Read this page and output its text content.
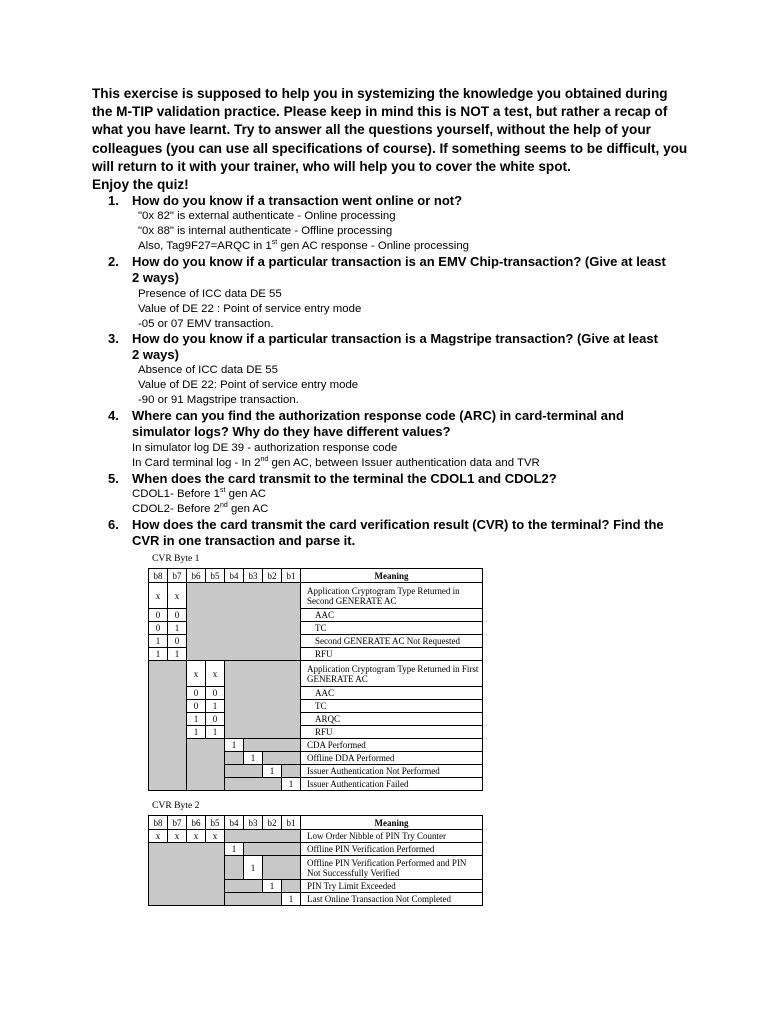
This exercise is supposed to help you in systemizing the knowledge you obtained during
the M-TIP validation practice. Please keep in mind this is NOT a test, but rather a recap of
what you have learnt. Try to answer all the questions yourself, without the help of your
colleagues (you can use all specifications of course). If something seems to be difficult, you
will return to it with your trainer, who will help you to cover the white spot.
Enjoy the quiz!
1. How do you know if a transaction went online or not?
"0x 82" is external authenticate - Online processing
"0x 88" is internal authenticate - Offline processing
Also, Tag9F27=ARQC in 1st gen AC response - Online processing
2. How do you know if a particular transaction is an EMV Chip-transaction? (Give at least 2 ways)
Presence of ICC data DE 55
Value of DE 22 : Point of service entry mode
-05 or 07 EMV transaction.
3. How do you know if a particular transaction is a Magstripe transaction? (Give at least 2 ways)
Absence of ICC data DE 55
Value of DE 22: Point of service entry mode
-90 or 91 Magstripe transaction.
4. Where can you find the authorization response code (ARC) in card-terminal and simulator logs? Why do they have different values?
In simulator log DE 39 - authorization response code
In Card terminal log - In 2nd gen AC, between Issuer authentication data and TVR
5. When does the card transmit to the terminal the CDOL1 and CDOL2?
CDOL1- Before 1st gen AC
CDOL2- Before 2nd gen AC
6. How does the card transmit the card verification result (CVR) to the terminal? Find the CVR in one transaction and parse it.
CVR Byte 1
b8	b7	b6	b5	b4	b3	b2	b1	Meaning
x	x							Application Cryptogram Type Returned in Second GENERATE AC
0	0							AAC
0	1							TC
1	0							Second GENERATE AC Not Requested
1	1							RFU
		x	x					Application Cryptogram Type Returned in First GENERATE AC
		0	0					AAC
		0	1					TC
		1	0					ARQC
		1	1					RFU
				1				CDA Performed
					1			Offline DDA Performed
						1		Issuer Authentication Not Performed
							1	Issuer Authentication Failed
CVR Byte 2
b8	b7	b6	b5	b4	b3	b2	b1	Meaning
x	x	x	x					Low Order Nibble of PIN Try Counter
				1				Offline PIN Verification Performed
					1			Offline PIN Verification Performed and PIN Not Successfully Verified
						1		PIN Try Limit Exceeded
							1	Last Online Transaction Not Completed
